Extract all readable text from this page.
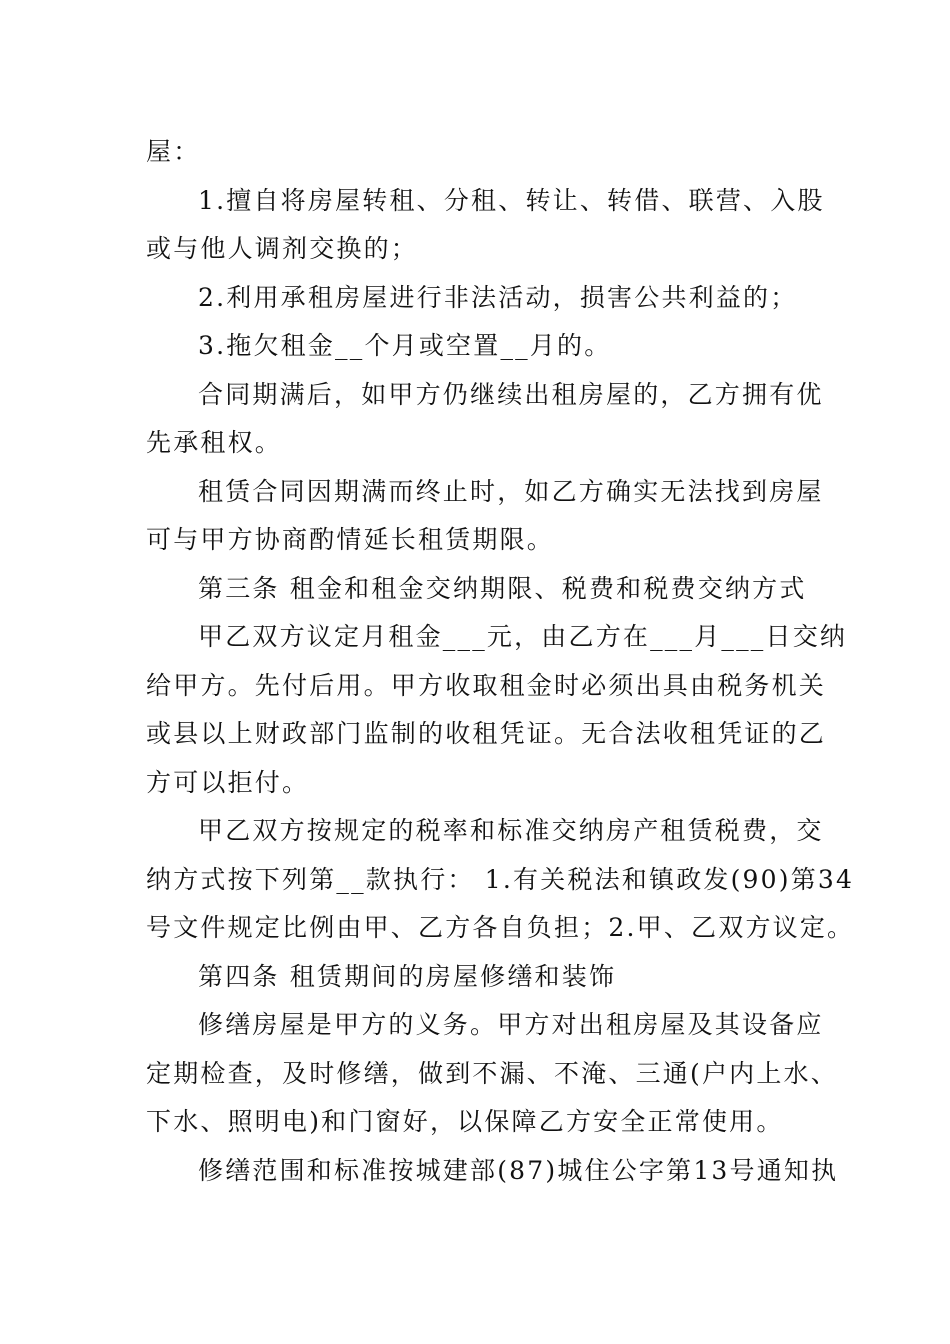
屋：
1.擅自将房屋转租、分租、转让、转借、联营、入股
或与他人调剂交换的；
2.利用承租房屋进行非法活动，损害公共利益的；
3.拖欠租金__个月或空置__月的。
合同期满后，如甲方仍继续出租房屋的，乙方拥有优
先承租权。
租赁合同因期满而终止时，如乙方确实无法找到房屋
可与甲方协商酌情延长租赁期限。
第三条 租金和租金交纳期限、税费和税费交纳方式
甲乙双方议定月租金___元，由乙方在___月___日交纳
给甲方。先付后用。甲方收取租金时必须出具由税务机关
或县以上财政部门监制的收租凭证。无合法收租凭证的乙
方可以拒付。
甲乙双方按规定的税率和标准交纳房产租赁税费，交
纳方式按下列第__款执行： 1.有关税法和镇政发(90)第34
号文件规定比例由甲、乙方各自负担；2.甲、乙双方议定。
第四条 租赁期间的房屋修缮和装饰
修缮房屋是甲方的义务。甲方对出租房屋及其设备应
定期检查，及时修缮，做到不漏、不淹、三通(户内上水、
下水、照明电)和门窗好，以保障乙方安全正常使用。
修缮范围和标准按城建部(87)城住公字第13号通知执
